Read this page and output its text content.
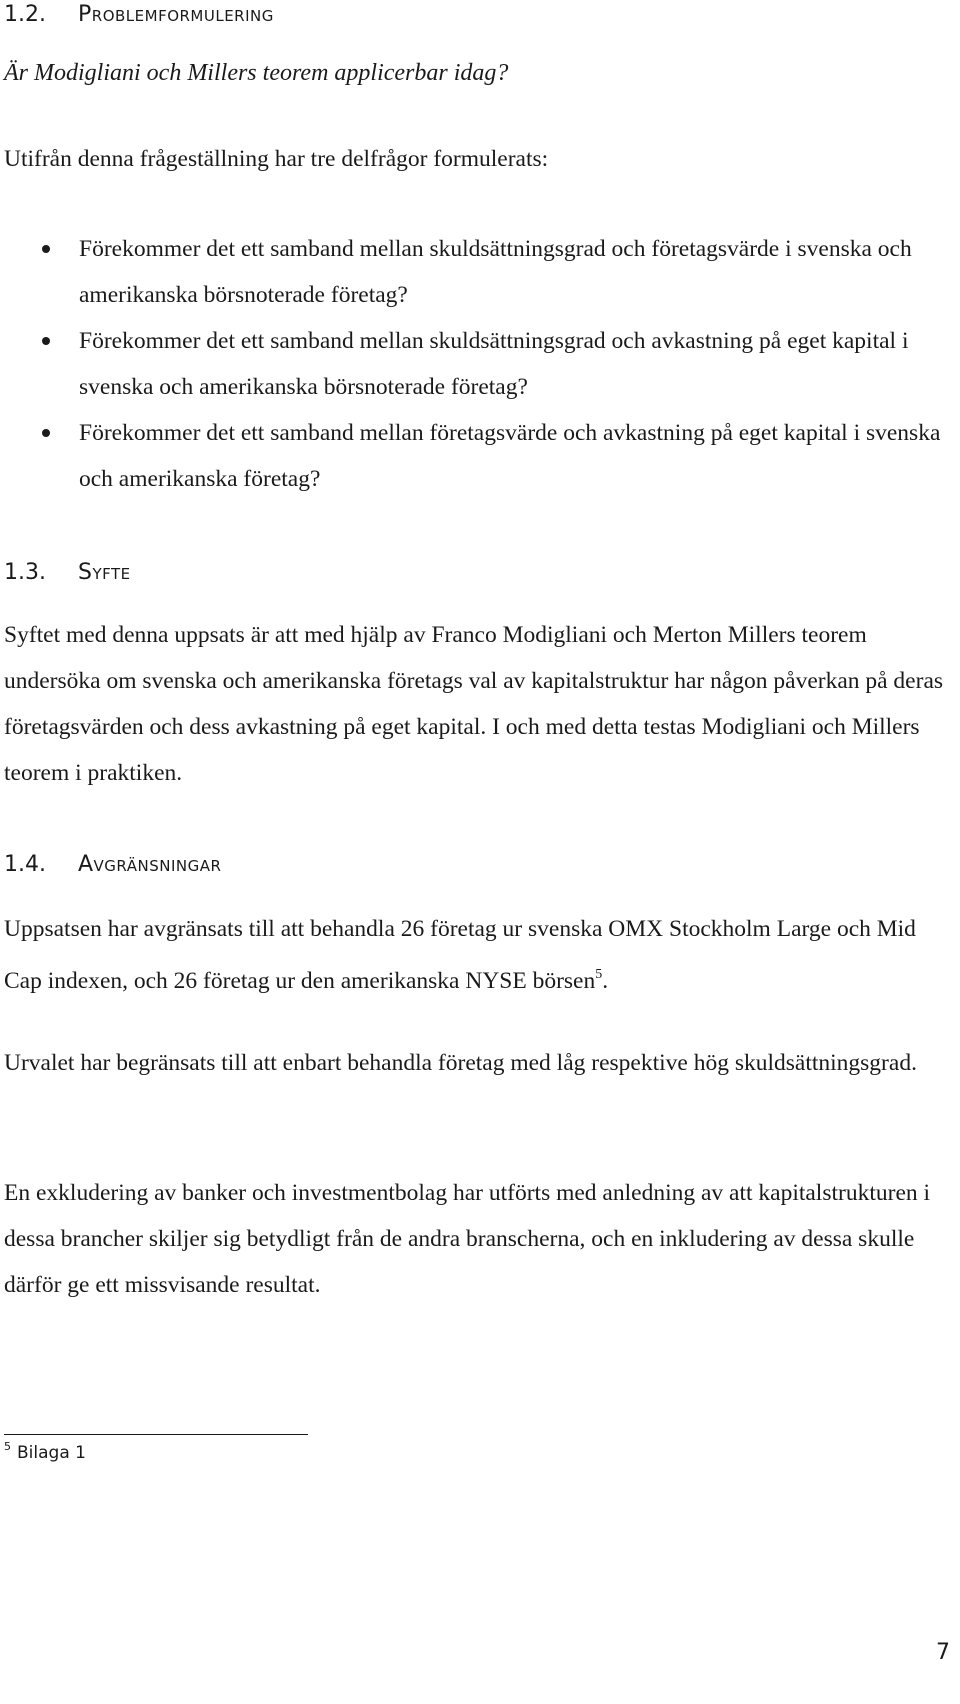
1.2. Problemformulering
Är Modigliani och Millers teorem applicerbar idag?

Utifrån denna frågeställning har tre delfrågor formulerats:

Förekommer det ett samband mellan skuldsättningsgrad och företagsvärde i svenska och amerikanska börsnoterade företag?
Förekommer det ett samband mellan skuldsättningsgrad och avkastning på eget kapital i svenska och amerikanska börsnoterade företag?
Förekommer det ett samband mellan företagsvärde och avkastning på eget kapital i svenska och amerikanska företag?
1.3. Syfte

Syftet med denna uppsats är att med hjälp av Franco Modigliani och Merton Millers teorem undersöka om svenska och amerikanska företags val av kapitalstruktur har någon påverkan på deras företagsvärden och dess avkastning på eget kapital. I och med detta testas Modigliani och Millers teorem i praktiken.

1.4. Avgränsningar

Uppsatsen har avgränsats till att behandla 26 företag ur svenska OMX Stockholm Large och Mid Cap indexen, och 26 företag ur den amerikanska NYSE börsen$^5$.

Urvalet har begränsats till att enbart behandla företag med låg respektive hög skuldsättningsgrad.

En exkludering av banker och investmentbolag har utförts med anledning av att kapitalstrukturen i dessa brancher skiljer sig betydligt från de andra branscherna, och en inkludering av dessa skulle därför ge ett missvisande resultat.

$^5$ Bilaga 1
7
